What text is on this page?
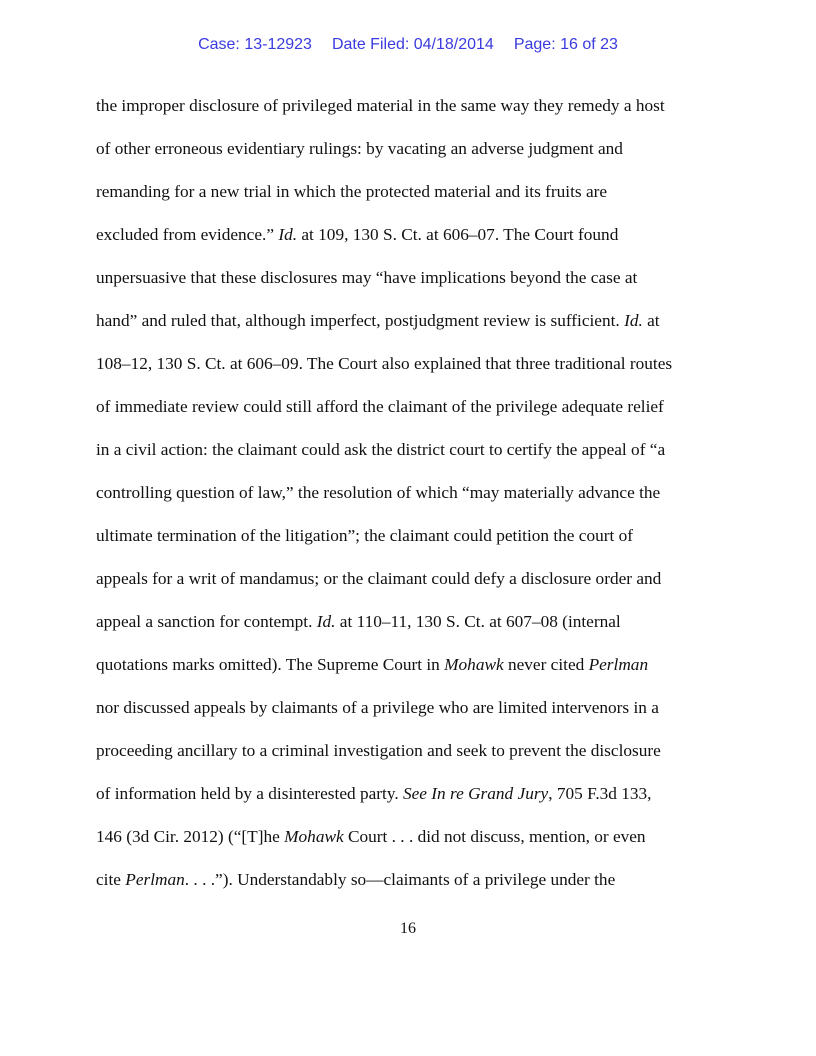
Case: 13-12923 Date Filed: 04/18/2014 Page: 16 of 23
the improper disclosure of privileged material in the same way they remedy a host
of other erroneous evidentiary rulings: by vacating an adverse judgment and
remanding for a new trial in which the protected material and its fruits are
excluded from evidence.” Id. at 109, 130 S. Ct. at 606–07. The Court found
unpersuasive that these disclosures may “have implications beyond the case at
hand” and ruled that, although imperfect, postjudgment review is sufficient. Id. at
108–12, 130 S. Ct. at 606–09. The Court also explained that three traditional routes
of immediate review could still afford the claimant of the privilege adequate relief
in a civil action: the claimant could ask the district court to certify the appeal of “a
controlling question of law,” the resolution of which “may materially advance the
ultimate termination of the litigation”; the claimant could petition the court of
appeals for a writ of mandamus; or the claimant could defy a disclosure order and
appeal a sanction for contempt. Id. at 110–11, 130 S. Ct. at 607–08 (internal
quotations marks omitted). The Supreme Court in Mohawk never cited Perlman
nor discussed appeals by claimants of a privilege who are limited intervenors in a
proceeding ancillary to a criminal investigation and seek to prevent the disclosure
of information held by a disinterested party. See In re Grand Jury, 705 F.3d 133,
146 (3d Cir. 2012) (“[T]he Mohawk Court . . . did not discuss, mention, or even
cite Perlman. . . .”). Understandably so—claimants of a privilege under the
16
